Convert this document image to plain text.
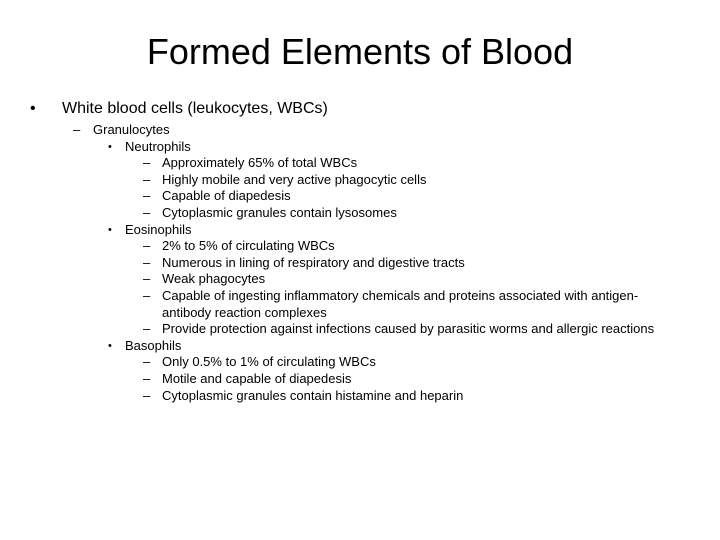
Formed Elements of Blood
• White blood cells (leukocytes, WBCs)
– Granulocytes
• Neutrophils
– Approximately 65% of total WBCs
– Highly mobile and very active phagocytic cells
– Capable of diapedesis
– Cytoplasmic granules contain lysosomes
• Eosinophils
– 2% to 5% of circulating WBCs
– Numerous in lining of respiratory and digestive tracts
– Weak phagocytes
– Capable of ingesting inflammatory chemicals and proteins associated with antigen-antibody reaction complexes
– Provide protection against infections caused by parasitic worms and allergic reactions
• Basophils
– Only 0.5% to 1% of circulating WBCs
– Motile and capable of diapedesis
– Cytoplasmic granules contain histamine and heparin
